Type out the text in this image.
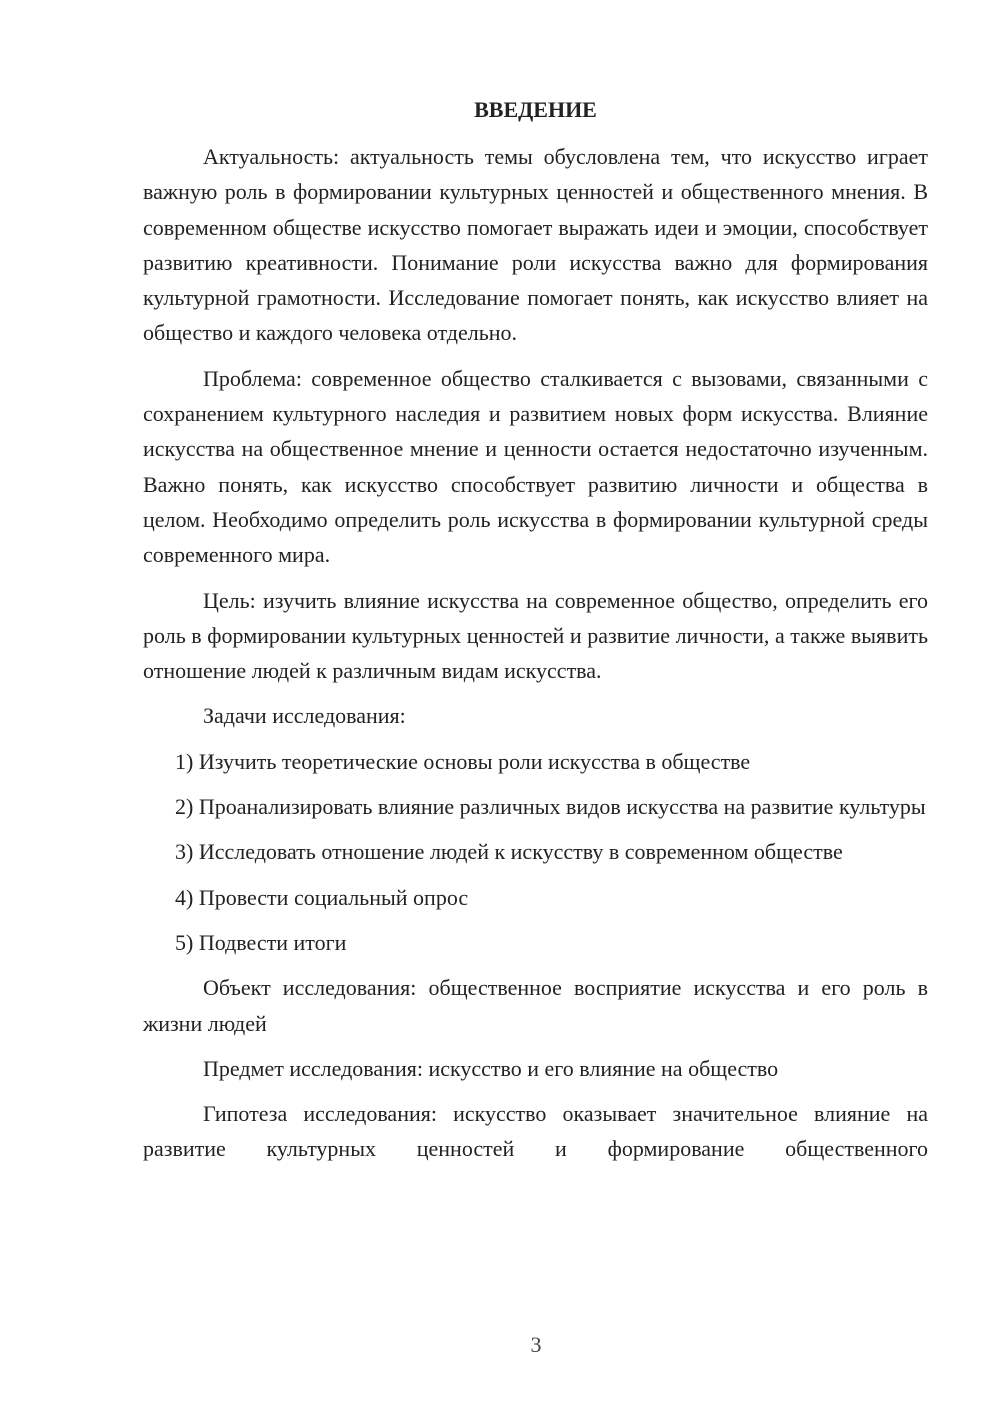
ВВЕДЕНИЕ

Актуальность: актуальность темы обусловлена тем, что искусство играет важную роль в формировании культурных ценностей и общественного мнения. В современном обществе искусство помогает выражать идеи и эмоции, способствует развитию креативности. Понимание роли искусства важно для формирования культурной грамотности. Исследование помогает понять, как искусство влияет на общество и каждого человека отдельно.

Проблема: современное общество сталкивается с вызовами, связанными с сохранением культурного наследия и развитием новых форм искусства. Влияние искусства на общественное мнение и ценности остается недостаточно изученным. Важно понять, как искусство способствует развитию личности и общества в целом. Необходимо определить роль искусства в формировании культурной среды современного мира.

Цель: изучить влияние искусства на современное общество, определить его роль в формировании культурных ценностей и развитие личности, а также выявить отношение людей к различным видам искусства.

Задачи исследования:

1) Изучить теоретические основы роли искусства в обществе

2) Проанализировать влияние различных видов искусства на развитие культуры

3) Исследовать отношение людей к искусству в современном обществе

4) Провести социальный опрос

5) Подвести итоги

Объект исследования: общественное восприятие искусства и его роль в жизни людей

Предмет исследования: искусство и его влияние на общество

Гипотеза исследования: искусство оказывает значительное влияние на развитие культурных ценностей и формирование общественного

3
